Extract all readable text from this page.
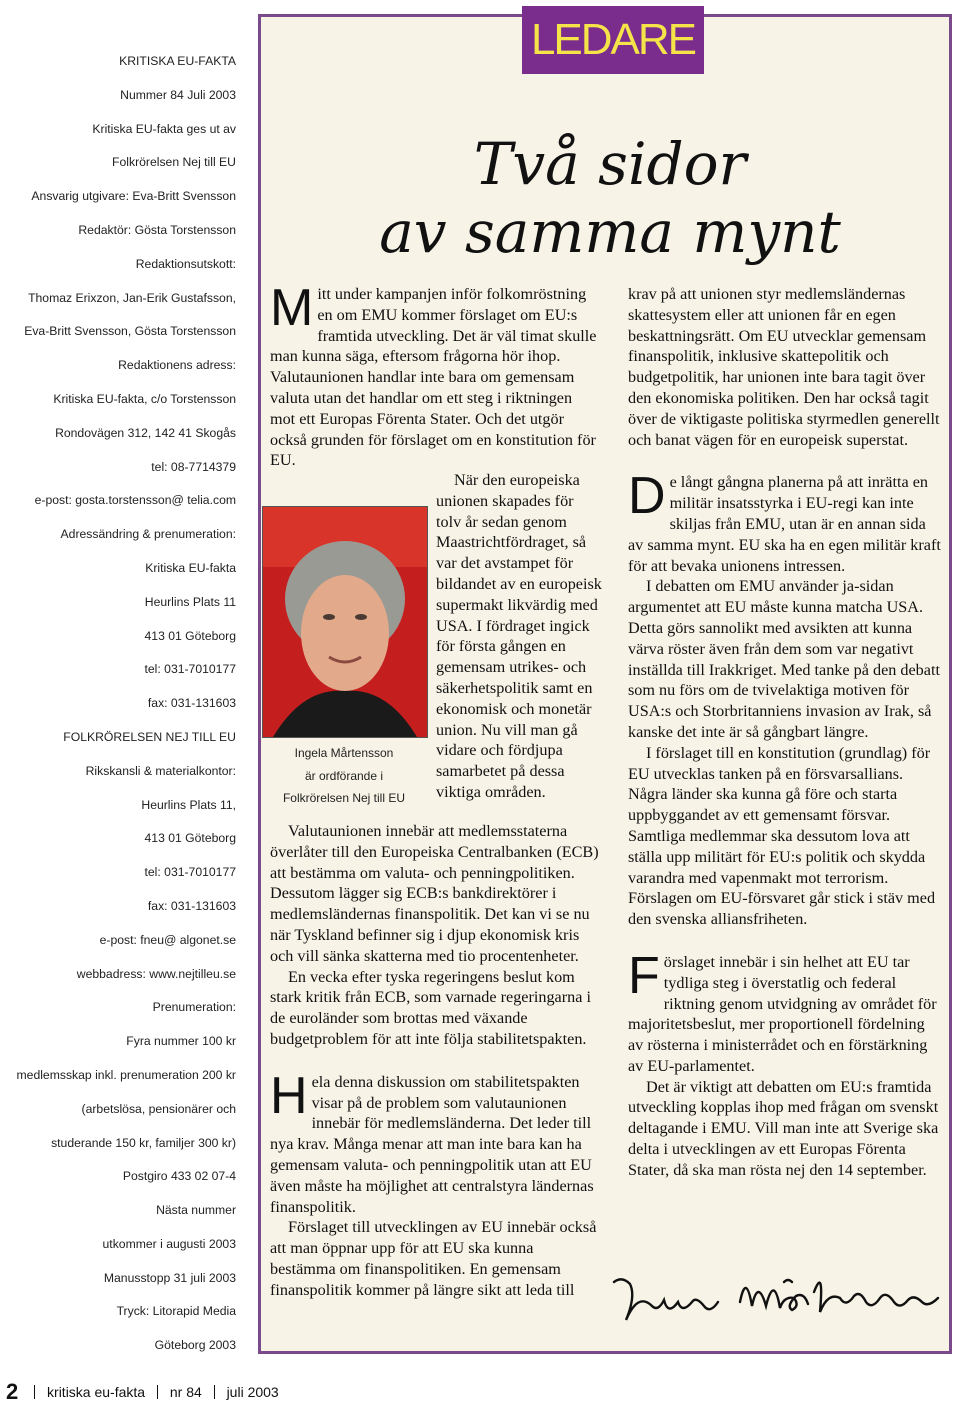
KRITISKA EU-FAKTA
Nummer 84 Juli 2003
Kritiska EU-fakta ges ut av
Folkrörelsen Nej till EU
Ansvarig utgivare: Eva-Britt Svensson
Redaktör: Gösta Torstensson
Redaktionsutskott:
Thomaz Erixzon, Jan-Erik Gustafsson,
Eva-Britt Svensson, Gösta Torstensson
Redaktionens adress:
Kritiska EU-fakta, c/o Torstensson
Rondovägen 312, 142 41 Skogås
tel: 08-7714379
e-post: gosta.torstensson@ telia.com
Adressändring & prenumeration:
Kritiska EU-fakta
Heurlins Plats 11
413 01 Göteborg
tel: 031-7010177
fax: 031-131603
FOLKRÖRELSEN NEJ TILL EU
Rikskansli & materialkontor:
Heurlins Plats 11,
413 01 Göteborg
tel: 031-7010177
fax: 031-131603
e-post: fneu@ algonet.se
webbadress: www.nejtilleu.se
Prenumeration:
Fyra nummer 100 kr
medlemsskap inkl. prenumeration 200 kr
(arbetslösa, pensionärer och
studerande 150 kr, familjer 300 kr)
Postgiro 433 02 07-4
Nästa nummer
utkommer i augusti 2003
Manusstopp 31 juli 2003
Tryck: Litorapid Media
Göteborg 2003
2 kritiska eu-fakta nr 84 juli 2003
LEDARE
Två sidor
av samma mynt
M itt under kampanjen inför folkomröstning en om EMU kommer förslaget om EU:s framtida utveckling. Det är väl timat skulle man kunna säga, eftersom frågorna hör ihop. Valutaunionen handlar inte bara om gemensam valuta utan det handlar om ett steg i riktningen mot ett Europas Förenta Stater. Och det utgör också grunden för förslaget om en konstitution för EU.

När den europeiska unionen skapades för tolv år sedan genom Maastrichtfördraget, så var det avstampet för bildandet av en europeisk supermakt likvärdig med USA. I fördraget ingick för första gången en gemensam utrikes- och säkerhetspolitik samt en ekonomisk och monetär union. Nu vill man gå vidare och fördjupa samarbetet på dessa viktiga områden.

Valutaunionen innebär att medlemsstaterna överlåter till den Europeiska Centralbanken (ECB) att bestämma om valuta- och penningpolitiken. Dessutom lägger sig ECB:s bankdirektörer i medlemsländernas finanspolitik. Det kan vi se nu när Tyskland befinner sig i djup ekonomisk kris och vill sänka skatterna med tio procentenheter.

En vecka efter tyska regeringens beslut kom stark kritik från ECB, som varnade regeringarna i de euroländer som brottas med växande budgetproblem för att inte följa stabilitetspakten.

H ela denna diskussion om stabilitetspakten visar på de problem som valutaunionen innebär för medlemsländerna. Det leder till nya krav. Många menar att man inte bara kan ha gemensam valuta- och penningpolitik utan att EU även måste ha möjlighet att centralstyra ländernas finanspolitik.

Förslaget till utvecklingen av EU innebär också att man öppnar upp för att EU ska kunna bestämma om finanspolitiken. En gemensam finanspolitik kommer på längre sikt att leda till

Ingela Mårtensson
är ordförande i
Folkrörelsen Nej till EU

krav på att unionen styr medlemsländernas skattesystem eller att unionen får en egen beskattningsrätt. Om EU utvecklar gemensam finanspolitik, inklusive skattepolitik och budgetpolitik, har unionen inte bara tagit över den ekonomiska politiken. Den har också tagit över de viktigaste politiska styrmedlen generellt och banat vägen för en europeisk superstat.

D e långt gångna planerna på att inrätta en militär insatsstyrka i EU-regi kan inte skiljas från EMU, utan är en annan sida av samma mynt. EU ska ha en egen militär kraft för att bevaka unionens intressen.

I debatten om EMU använder ja-sidan argumentet att EU måste kunna matcha USA. Detta görs sannolikt med avsikten att kunna värva röster även från dem som var negativt inställda till Irakkriget. Med tanke på den debatt som nu förs om de tvivelaktiga motiven för USA:s och Storbritanniens invasion av Irak, så kanske det inte är så gångbart längre.

I förslaget till en konstitution (grundlag) för EU utvecklas tanken på en försvarsallians. Några länder ska kunna gå före och starta uppbyggandet av ett gemensamt försvar. Samtliga medlemmar ska dessutom lova att ställa upp militärt för EU:s politik och skydda varandra med vapenmakt mot terrorism. Förslagen om EU-försvaret går stick i stäv med den svenska alliansfriheten.

F örslaget innebär i sin helhet att EU tar tydliga steg i överstatlig och federal riktning genom utvidgning av området för majoritetsbeslut, mer proportionell fördelning av rösterna i ministerrådet och en förstärkning av EU-parlamentet.

Det är viktigt att debatten om EU:s framtida utveckling kopplas ihop med frågan om svenskt deltagande i EMU. Vill man inte att Sverige ska delta i utvecklingen av ett Europas Förenta Stater, då ska man rösta nej den 14 september.
